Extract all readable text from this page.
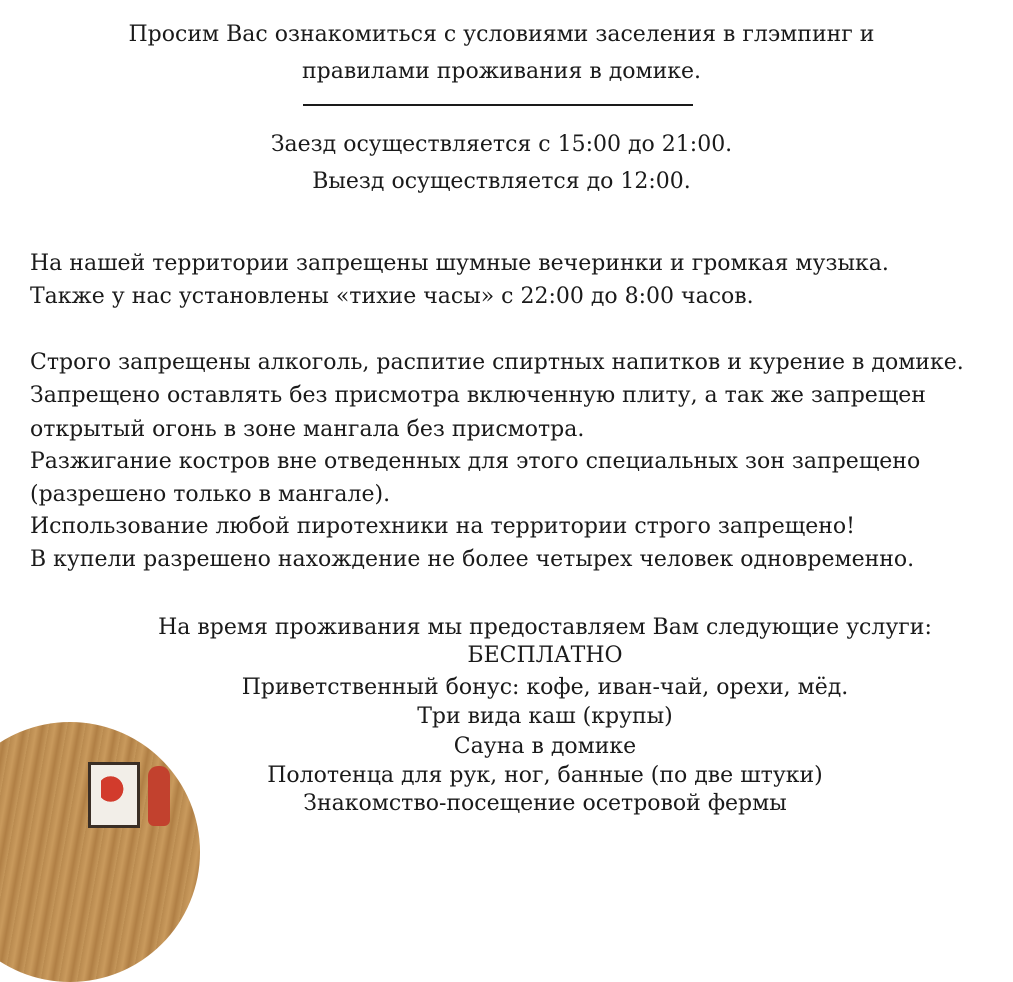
Просим Вас ознакомиться с условиями заселения в глэмпинг и
правилами проживания в домике.
Заезд осуществляется с 15:00 до 21:00.
Выезд осуществляется до 12:00.
На нашей территории запрещены шумные вечеринки и громкая музыка.
Также у нас установлены «тихие часы» с 22:00 до 8:00 часов.
Строго запрещены алкоголь, распитие спиртных напитков и курение в домике.
Запрещено оставлять без присмотра включенную плиту, а так же запрещен
открытый огонь в зоне мангала без присмотра.
Разжигание костров вне отведенных для этого специальных зон запрещено
(разрешено только в мангале).
Использование любой пиротехники на территории строго запрещено!
В купели разрешено нахождение не более четырех человек одновременно.
На время проживания мы предоставляем Вам следующие услуги:
БЕСПЛАТНО
Приветственный бонус: кофе, иван-чай, орехи, мёд.
Три вида каш (крупы)
Сауна в домике
Полотенца для рук, ног, банные (по две штуки)
Знакомство-посещение осетровой фермы
